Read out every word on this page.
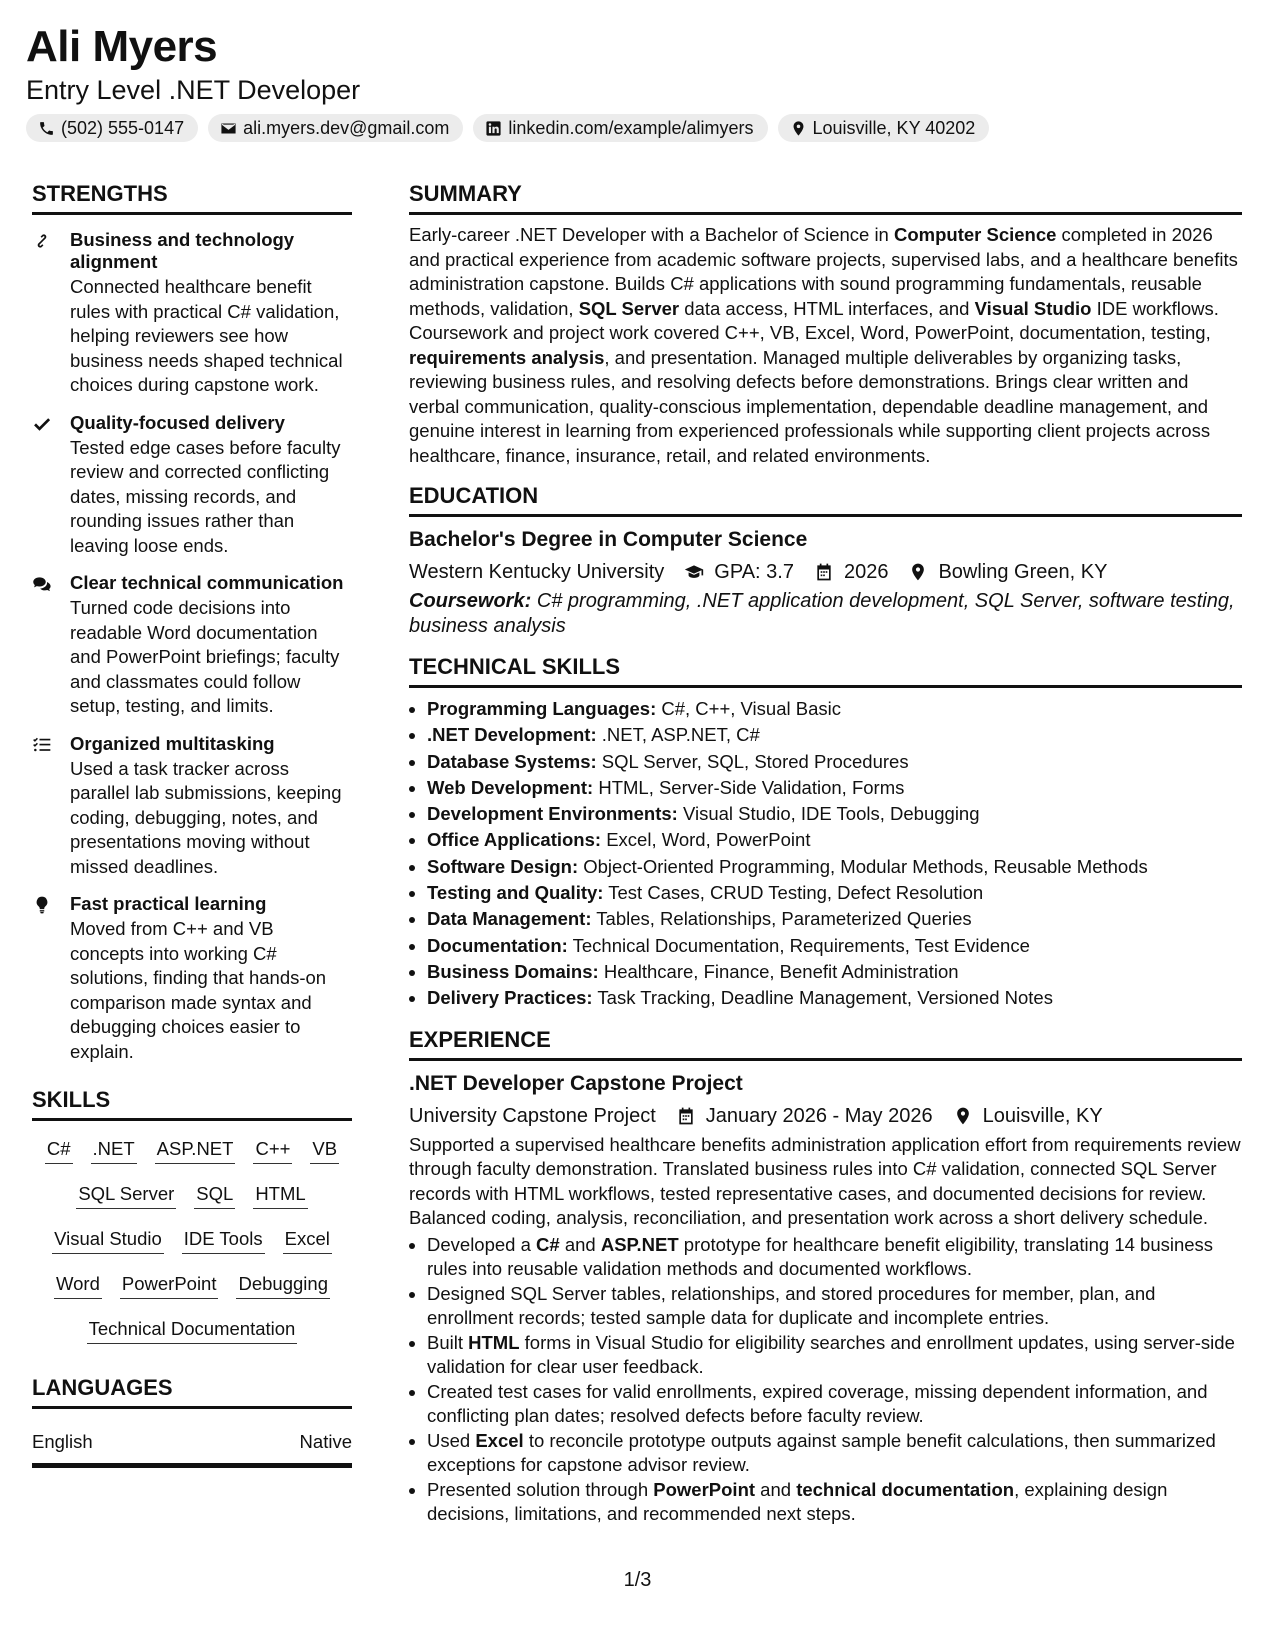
Ali Myers
Entry Level .NET Developer
(502) 555-0147	ali.myers.dev@gmail.com	linkedin.com/example/alimyers	Louisville, KY 40202
STRENGTHS
Business and technology alignment
Connected healthcare benefit rules with practical C# validation, helping reviewers see how business needs shaped technical choices during capstone work.
Quality-focused delivery
Tested edge cases before faculty review and corrected conflicting dates, missing records, and rounding issues rather than leaving loose ends.
Clear technical communication
Turned code decisions into readable Word documentation and PowerPoint briefings; faculty and classmates could follow setup, testing, and limits.
Organized multitasking
Used a task tracker across parallel lab submissions, keeping coding, debugging, notes, and presentations moving without missed deadlines.
Fast practical learning
Moved from C++ and VB concepts into working C# solutions, finding that hands-on comparison made syntax and debugging choices easier to explain.
SKILLS
C# .NET ASP.NET C++ VB
SQL Server SQL HTML
Visual Studio IDE Tools Excel
Word PowerPoint Debugging
Technical Documentation
LANGUAGES
English	Native
SUMMARY
Early-career .NET Developer with a Bachelor of Science in Computer Science completed in 2026 and practical experience from academic software projects, supervised labs, and a healthcare benefits administration capstone. Builds C# applications with sound programming fundamentals, reusable methods, validation, SQL Server data access, HTML interfaces, and Visual Studio IDE workflows. Coursework and project work covered C++, VB, Excel, Word, PowerPoint, documentation, testing, requirements analysis, and presentation. Managed multiple deliverables by organizing tasks, reviewing business rules, and resolving defects before demonstrations. Brings clear written and verbal communication, quality-conscious implementation, dependable deadline management, and genuine interest in learning from experienced professionals while supporting client projects across healthcare, finance, insurance, retail, and related environments.
EDUCATION
Bachelor's Degree in Computer Science
Western Kentucky University	GPA: 3.7	2026	Bowling Green, KY
Coursework: C# programming, .NET application development, SQL Server, software testing, business analysis
TECHNICAL SKILLS
• Programming Languages: C#, C++, Visual Basic
• .NET Development: .NET, ASP.NET, C#
• Database Systems: SQL Server, SQL, Stored Procedures
• Web Development: HTML, Server-Side Validation, Forms
• Development Environments: Visual Studio, IDE Tools, Debugging
• Office Applications: Excel, Word, PowerPoint
• Software Design: Object-Oriented Programming, Modular Methods, Reusable Methods
• Testing and Quality: Test Cases, CRUD Testing, Defect Resolution
• Data Management: Tables, Relationships, Parameterized Queries
• Documentation: Technical Documentation, Requirements, Test Evidence
• Business Domains: Healthcare, Finance, Benefit Administration
• Delivery Practices: Task Tracking, Deadline Management, Versioned Notes
EXPERIENCE
.NET Developer Capstone Project
University Capstone Project	January 2026 - May 2026	Louisville, KY
Supported a supervised healthcare benefits administration application effort from requirements review through faculty demonstration. Translated business rules into C# validation, connected SQL Server records with HTML workflows, tested representative cases, and documented decisions for review. Balanced coding, analysis, reconciliation, and presentation work across a short delivery schedule.
• Developed a C# and ASP.NET prototype for healthcare benefit eligibility, translating 14 business rules into reusable validation methods and documented workflows.
• Designed SQL Server tables, relationships, and stored procedures for member, plan, and enrollment records; tested sample data for duplicate and incomplete entries.
• Built HTML forms in Visual Studio for eligibility searches and enrollment updates, using server-side validation for clear user feedback.
• Created test cases for valid enrollments, expired coverage, missing dependent information, and conflicting plan dates; resolved defects before faculty review.
• Used Excel to reconcile prototype outputs against sample benefit calculations, then summarized exceptions for capstone advisor review.
• Presented solution through PowerPoint and technical documentation, explaining design decisions, limitations, and recommended next steps.
1/3
